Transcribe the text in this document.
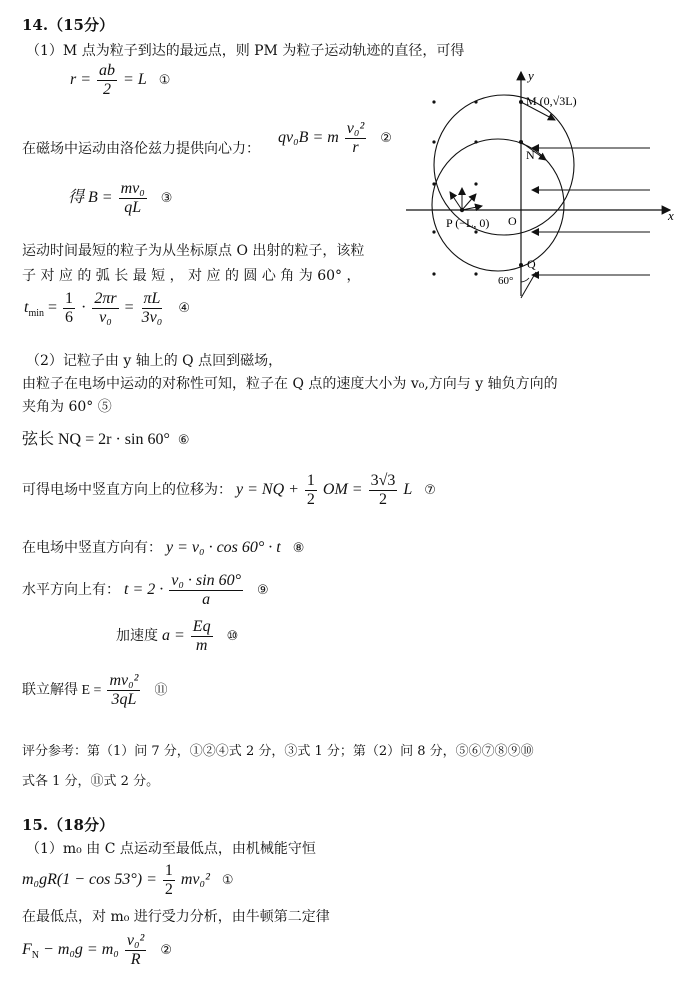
14.（15分）
（1）M 点为粒子到达的最远点，则 PM 为粒子运动轨迹的直径，可得
$r = \frac{ab}{2} = L$ ①
在磁场中运动由洛伦兹力提供向心力：
qv₀B = m $\frac{\text{v₀²}}{r}$ ②
得 $B = \frac{\text{mv₀}}{qL}$ ③
运动时间最短的粒子为从坐标原点 O 出射的粒子，该粒
子 对 应 的 弧 长 最 短 ， 对 应 的 圆 心 角 为 60° ，
$t_{min} = \frac{1}{6} \cdot \frac{2\pi r}{\text{v₀}} = \frac{\pi L}{\text{3v₀}}$ ④
（2）记粒子由 y 轴上的 Q 点回到磁场，
由粒子在电场中运动的对称性可知，粒子在 Q 点的速度大小为 v₀,方向与 y 轴负方向的
夹角为 60° ⑤
弦长 NQ = 2r · sin 60° ⑥
可得电场中竖直方向上的位移为： y = NQ + $\frac{1}{2}$ OM = $\frac{3√3}{2}$ L ⑦
在电场中竖直方向有： y = v₀ · cos 60° · t ⑧
水平方向上有： $t = 2 \cdot \frac{\text{v₀ · sin 60°}}{a}$ ⑨
加速度 $a = \frac{Eq}{m}$ ⑩
联立解得 $E = \frac{\text{mv₀²}}{3qL}$ ⑪
评分参考：第（1）问 7 分，①②④式 2 分，③式 1 分；第（2）问 8 分，⑤⑥⑦⑧⑨⑩
式各 1 分，⑪式 2 分。
15.（18分）
（1）m₀ 由 C 点运动至最低点，由机械能守恒
$m_0gR(1 - \cos 53^\circ) = \frac{1}{2} mv_0^2$ ①
在最低点，对 m₀ 进行受力分析，由牛顿第二定律
$F_N - m_0g = m_0 \frac{\text{v₀²}}{R}$ ②
y
x
M (0,√3L)
N
P (−L, 0) O
Q
60°
